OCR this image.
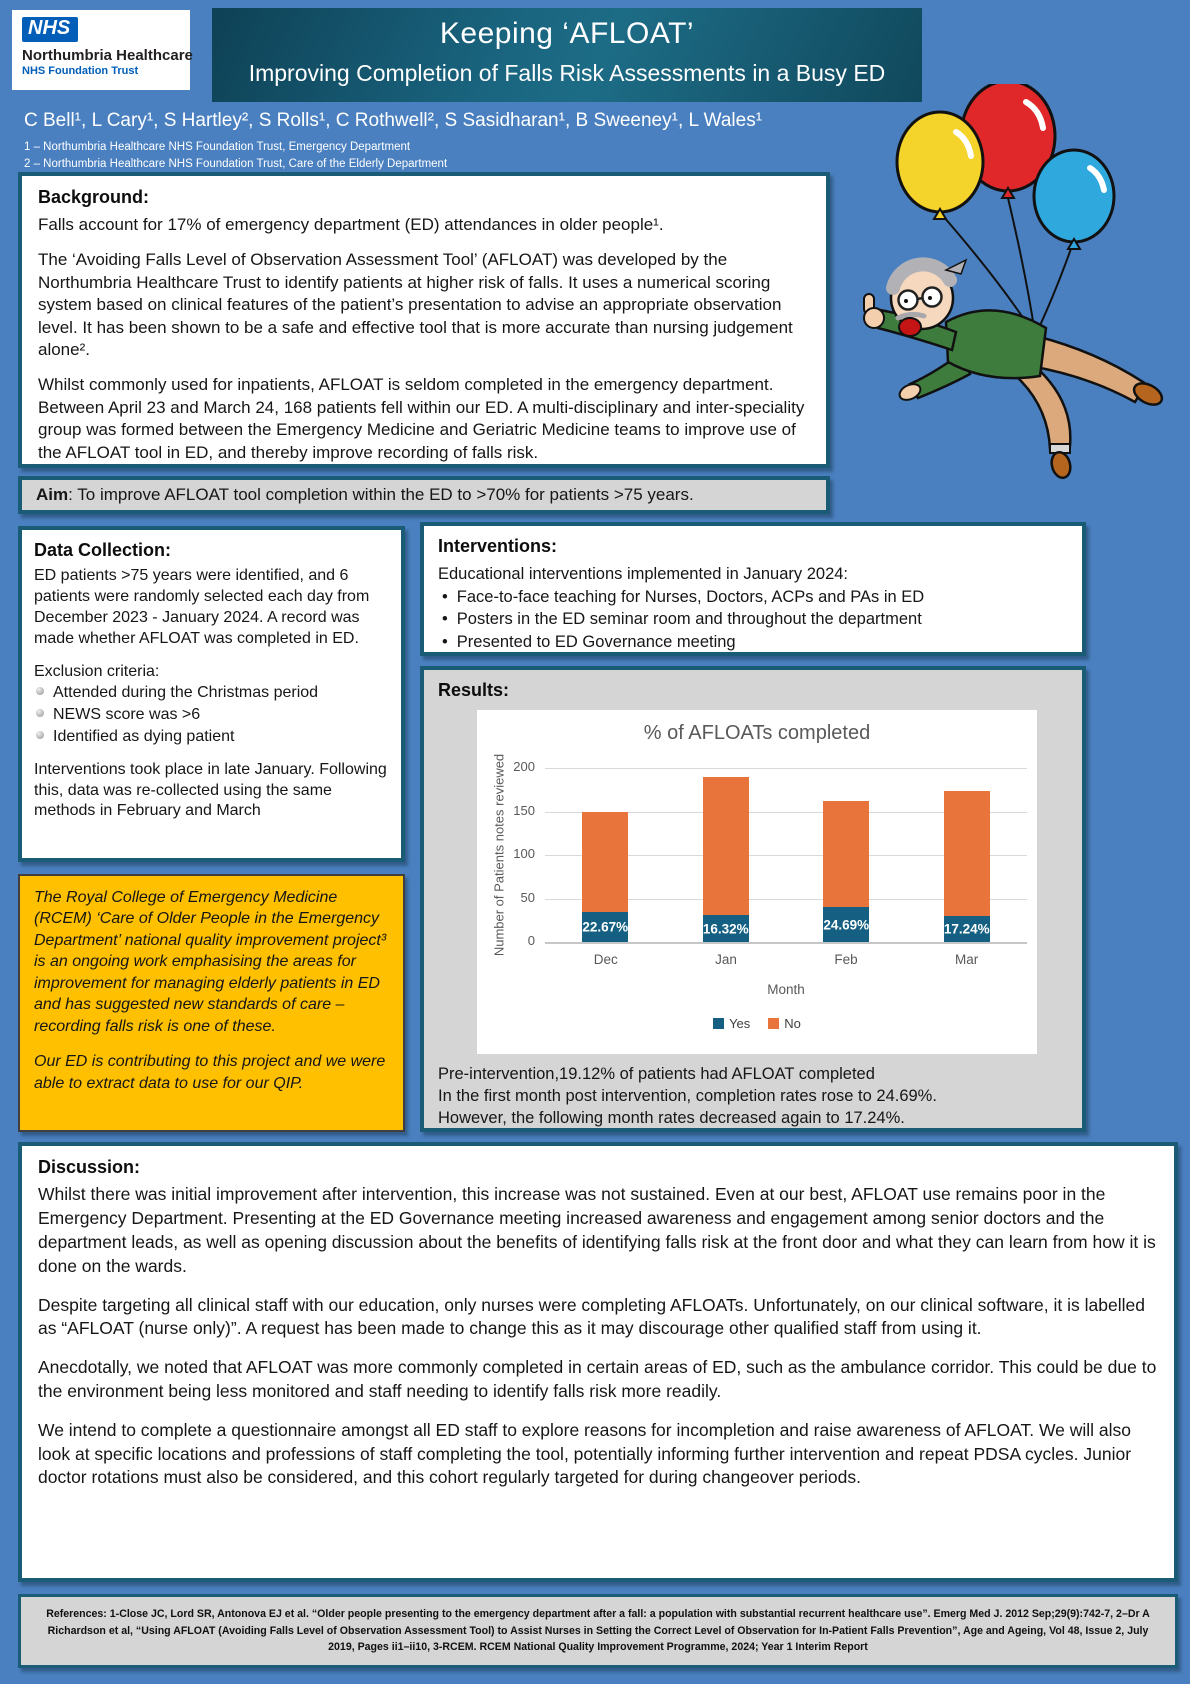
NHS
Northumbria Healthcare
NHS Foundation Trust
Keeping ‘AFLOAT’
Improving Completion of Falls Risk Assessments in a Busy ED
C Bell¹, L Cary¹, S Hartley², S Rolls¹, C Rothwell², S Sasidharan¹, B Sweeney¹, L Wales¹
1 – Northumbria Healthcare NHS Foundation Trust, Emergency Department
2 – Northumbria Healthcare NHS Foundation Trust, Care of the Elderly Department
Background:

Falls account for 17% of emergency department (ED) attendances in older people¹.

The ‘Avoiding Falls Level of Observation Assessment Tool’ (AFLOAT) was developed by the Northumbria Healthcare Trust to identify patients at higher risk of falls. It uses a numerical scoring system based on clinical features of the patient’s presentation to advise an appropriate observation level. It has been shown to be a safe and effective tool that is more accurate than nursing judgement alone².

Whilst commonly used for inpatients, AFLOAT is seldom completed in the emergency department. Between April 23 and March 24, 168 patients fell within our ED. A multi-disciplinary and inter-speciality group was formed between the Emergency Medicine and Geriatric Medicine teams to improve use of the AFLOAT tool in ED, and thereby improve recording of falls risk.

Aim: To improve AFLOAT tool completion within the ED to >70% for patients >75 years.
Data Collection:

ED patients >75 years were identified, and 6 patients were randomly selected each day from December 2023 - January 2024. A record was made whether AFLOAT was completed in ED.

Exclusion criteria:
Attended during the Christmas period
NEWS score was >6
Identified as dying patient

Interventions took place in late January. Following this, data was re-collected using the same methods in February and March

Interventions:
Educational interventions implemented in January 2024:
• Face-to-face teaching for Nurses, Doctors, ACPs and PAs in ED
• Posters in the ED seminar room and throughout the department
• Presented to ED Governance meeting
Results:
% of AFLOATs completed
Number of Patients notes reviewed	0
50
100
150
200
22.67%	16.32%	24.69%	17.24%
Dec	Jan	Feb	Mar
Month
Yes	No
Pre-intervention,19.12% of patients had AFLOAT completed
In the first month post intervention, completion rates rose to 24.69%.
However, the following month rates decreased again to 17.24%.

The Royal College of Emergency Medicine (RCEM) ‘Care of Older People in the Emergency Department’ national quality improvement project³ is an ongoing work emphasising the areas for improvement for managing elderly patients in ED and has suggested new standards of care – recording falls risk is one of these.

Our ED is contributing to this project and we were able to extract data to use for our QIP.

Discussion:

Whilst there was initial improvement after intervention, this increase was not sustained. Even at our best, AFLOAT use remains poor in the Emergency Department. Presenting at the ED Governance meeting increased awareness and engagement among senior doctors and the department leads, as well as opening discussion about the benefits of identifying falls risk at the front door and what they can learn from how it is done on the wards.

Despite targeting all clinical staff with our education, only nurses were completing AFLOATs. Unfortunately, on our clinical software, it is labelled as “AFLOAT (nurse only)”. A request has been made to change this as it may discourage other qualified staff from using it.

Anecdotally, we noted that AFLOAT was more commonly completed in certain areas of ED, such as the ambulance corridor. This could be due to the environment being less monitored and staff needing to identify falls risk more readily.

We intend to complete a questionnaire amongst all ED staff to explore reasons for incompletion and raise awareness of AFLOAT. We will also look at specific locations and professions of staff completing the tool, potentially informing further intervention and repeat PDSA cycles. Junior doctor rotations must also be considered, and this cohort regularly targeted for during changeover periods.

References: 1-Close JC, Lord SR, Antonova EJ et al. “Older people presenting to the emergency department after a fall: a population with substantial recurrent healthcare use”. Emerg Med J. 2012 Sep;29(9):742-7, 2–Dr A Richardson et al, “Using AFLOAT (Avoiding Falls Level of Observation Assessment Tool) to Assist Nurses in Setting the Correct Level of Observation for In-Patient Falls Prevention”, Age and Ageing, Vol 48, Issue 2, July 2019, Pages ii1–ii10, 3-RCEM. RCEM National Quality Improvement Programme, 2024; Year 1 Interim Report
